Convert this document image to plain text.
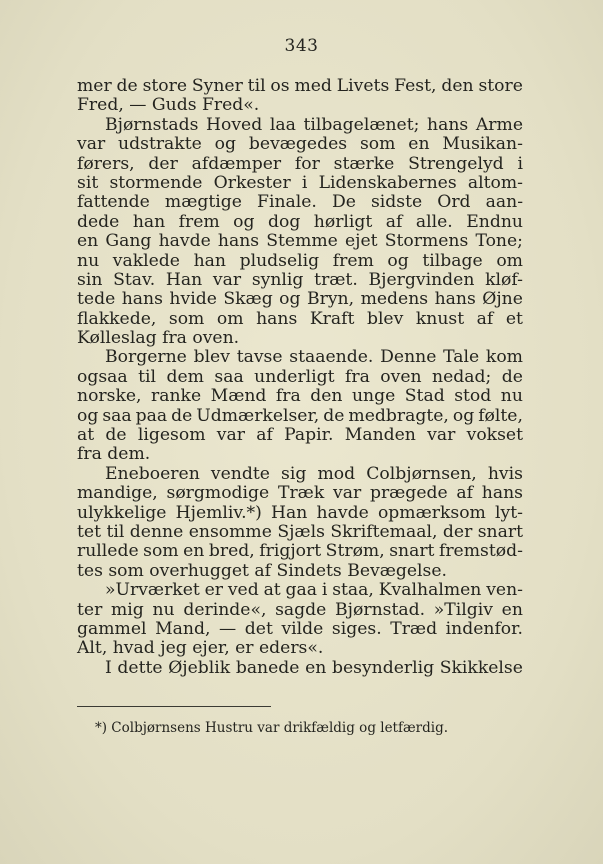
343
mer de store Syner til os med Livets Fest, den store
Fred, — Guds Fred«.
Bjørnstads Hoved laa tilbagelænet; hans Arme
var udstrakte og bevægedes som en Musikan-
førers, der afdæmper for stærke Strengelyd i
sit stormende Orkester i Lidenskabernes altom-
fattende mægtige Finale. De sidste Ord aan-
dede han frem og dog hørligt af alle. Endnu
en Gang havde hans Stemme ejet Stormens Tone;
nu vaklede han pludselig frem og tilbage om
sin Stav. Han var synlig træt. Bjergvinden kløf-
tede hans hvide Skæg og Bryn, medens hans Øjne
flakkede, som om hans Kraft blev knust af et
Kølleslag fra oven.
Borgerne blev tavse staaende. Denne Tale kom
ogsaa til dem saa underligt fra oven nedad; de
norske, ranke Mænd fra den unge Stad stod nu
og saa paa de Udmærkelser, de medbragte, og følte,
at de ligesom var af Papir. Manden var vokset
fra dem.
Eneboeren vendte sig mod Colbjørnsen, hvis
mandige, sørgmodige Træk var prægede af hans
ulykkelige Hjemliv.*) Han havde opmærksom lyt-
tet til denne ensomme Sjæls Skriftemaal, der snart
rullede som en bred, frigjort Strøm, snart fremstød-
tes som overhugget af Sindets Bevægelse.
»Urværket er ved at gaa i staa, Kvalhalmen ven-
ter mig nu derinde«, sagde Bjørnstad. »Tilgiv en
gammel Mand, — det vilde siges. Træd indenfor.
Alt, hvad jeg ejer, er eders«.
I dette Øjeblik banede en besynderlig Skikkelse
*) Colbjørnsens Hustru var drikfældig og letfærdig.
